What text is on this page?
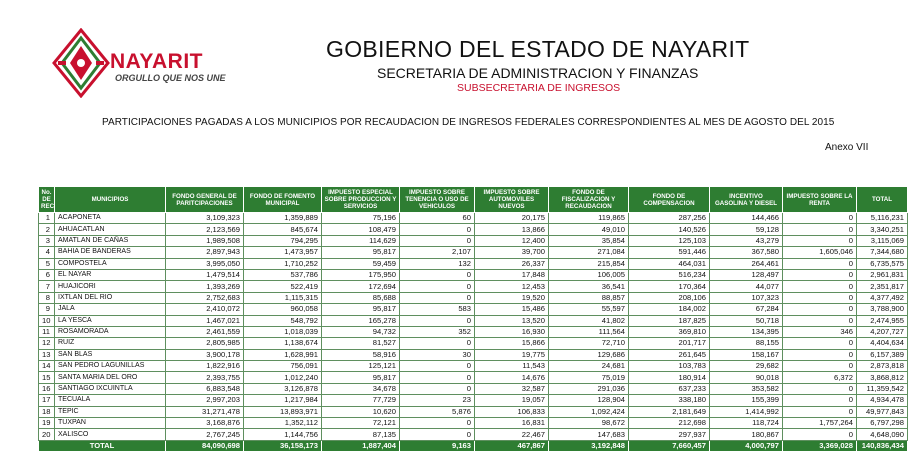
NAYARIT
ORGULLO QUE NOS UNE
GOBIERNO DEL ESTADO DE NAYARIT
SECRETARIA DE ADMINISTRACION Y FINANZAS
SUBSECRETARIA DE INGRESOS
PARTICIPACIONES PAGADAS A LOS MUNICIPIOS POR RECAUDACION DE INGRESOS FEDERALES CORRESPONDIENTES AL MES DE AGOSTO DEL 2015
Anexo VII
No. DE REC	MUNICIPIOS	FONDO GENERAL DE PARITCIPACIONES	FONDO DE FOMENTO MUNICIPAL	IMPUESTO ESPECIAL SOBRE PRODUCCION Y SERVICIOS	IMPUESTO SOBRE TENENCIA O USO DE VEHICULOS	IMPUESTO SOBRE AUTOMOVILES NUEVOS	FONDO DE FISCALIZACION Y RECAUDACION	FONDO DE COMPENSACION	INCENTIVO GASOLINA Y DIESEL	IMPUESTO SOBRE LA RENTA	TOTAL
1	ACAPONETA	3,109,323	1,359,889	75,196	60	20,175	119,865	287,256	144,466	0	5,116,231
2	AHUACATLAN	2,123,569	845,674	108,479	0	13,866	49,010	140,526	59,128	0	3,340,251
3	AMATLAN DE CAÑAS	1,989,508	794,295	114,629	0	12,400	35,854	125,103	43,279	0	3,115,069
4	BAHIA DE BANDERAS	2,897,943	1,473,957	95,817	2,107	39,700	271,084	591,446	367,580	1,605,046	7,344,680
5	COMPOSTELA	3,995,050	1,710,252	59,459	132	26,337	215,854	464,031	264,461	0	6,735,575
6	EL NAYAR	1,479,514	537,786	175,950	0	17,848	106,005	516,234	128,497	0	2,961,831
7	HUAJICORI	1,393,269	522,419	172,694	0	12,453	36,541	170,364	44,077	0	2,351,817
8	IXTLAN DEL RIO	2,752,683	1,115,315	85,688	0	19,520	88,857	208,106	107,323	0	4,377,492
9	JALA	2,410,072	960,058	95,817	583	15,486	55,597	184,002	67,284	0	3,788,900
10	LA YESCA	1,467,021	548,792	165,278	0	13,520	41,802	187,825	50,718	0	2,474,955
11	ROSAMORADA	2,461,559	1,018,039	94,732	352	16,930	111,564	369,810	134,395	346	4,207,727
12	RUIZ	2,805,985	1,138,674	81,527	0	15,866	72,710	201,717	88,155	0	4,404,634
13	SAN BLAS	3,900,178	1,628,991	58,916	30	19,775	129,686	261,645	158,167	0	6,157,389
14	SAN PEDRO LAGUNILLAS	1,822,916	756,091	125,121	0	11,543	24,681	103,783	29,682	0	2,873,818
15	SANTA MARIA DEL ORO	2,393,755	1,012,240	95,817	0	14,676	75,019	180,914	90,018	6,372	3,868,812
16	SANTIAGO IXCUINTLA	6,883,548	3,126,878	34,678	0	32,587	291,036	637,233	353,582	0	11,359,542
17	TECUALA	2,997,203	1,217,984	77,729	23	19,057	128,904	338,180	155,399	0	4,934,478
18	TEPIC	31,271,478	13,893,971	10,620	5,876	106,833	1,092,424	2,181,649	1,414,992	0	49,977,843
19	TUXPAN	3,168,876	1,352,112	72,121	0	16,831	98,672	212,698	118,724	1,757,264	6,797,298
20	XALISCO	2,767,245	1,144,756	87,135	0	22,467	147,683	297,937	180,867	0	4,648,090
TOTAL		84,090,698	36,158,173	1,887,404	9,163	467,867	3,192,848	7,660,457	4,000,797	3,369,028	140,836,434
